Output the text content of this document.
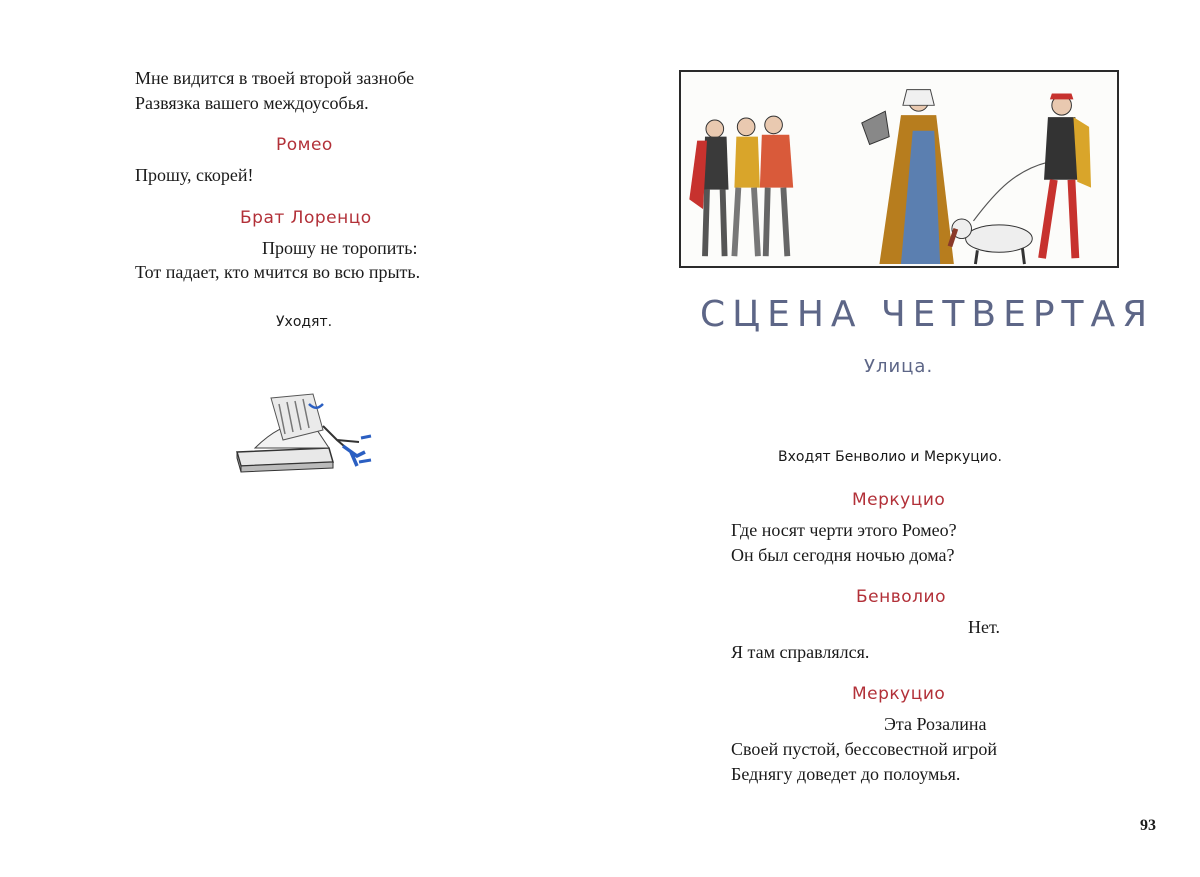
Мне видится в твоей второй зазнобе
Развязка вашего междоусобья.
Ромео
Прошу, скорей!
Брат Лоренцо
Прошу не торопить:
Тот падает, кто мчится во всю прыть.
Уходят.	СЦЕНА ЧЕТВЕРТАЯ
Улица.
Входят Бенволио и Меркуцио.
Меркуцио
Где носят черти этого Ромео?
Он был сегодня ночью дома?
Бенволио
Нет.
Я там справлялся.
Меркуцио
Эта Розалина
Своей пустой, бессовестной игрой
Беднягу доведет до полоумья.
93
